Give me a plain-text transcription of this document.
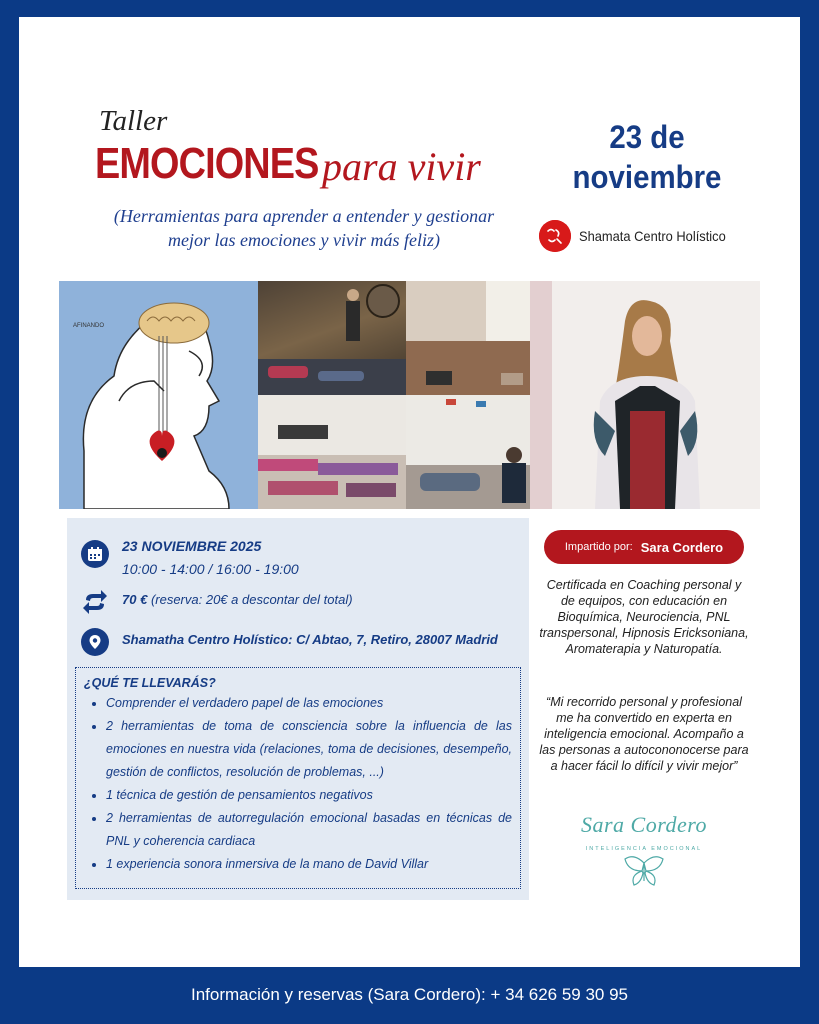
Taller
EMOCIONES para vivir
(Herramientas para aprender a entender y gestionar
mejor las emociones y vivir más feliz)
23 de
noviembre
Shamata Centro Holístico
AFINANDO
23 NOVIEMBRE 2025
10:00 - 14:00 / 16:00 - 19:00
70 € (reserva: 20€ a descontar del total)
Shamatha Centro Holístico: C/ Abtao, 7, Retiro, 28007 Madrid
¿QUÉ TE LLEVARÁS?
• Comprender el verdadero papel de las emociones
• 2 herramientas de toma de consciencia sobre la influencia de las emociones en nuestra vida (relaciones, toma de decisiones, desempeño, gestión de conflictos, resolución de problemas, ...)
• 1 técnica de gestión de pensamientos negativos
• 2 herramientas de autorregulación emocional basadas en técnicas de PNL y coherencia cardiaca
• 1 experiencia sonora inmersiva de la mano de David Villar
Impartido por: Sara Cordero
Certificada en Coaching personal y de equipos, con educación en Bioquímica, Neurociencia, PNL transpersonal, Hipnosis Ericksoniana, Aromaterapia y Naturopatía.
“Mi recorrido personal y profesional me ha convertido en experta en inteligencia emocional. Acompaño a las personas a autocononocerse para a hacer fácil lo difícil y vivir mejor”
Sara Cordero
INTELIGENCIA EMOCIONAL
Información y reservas (Sara Cordero): + 34 626 59 30 95
